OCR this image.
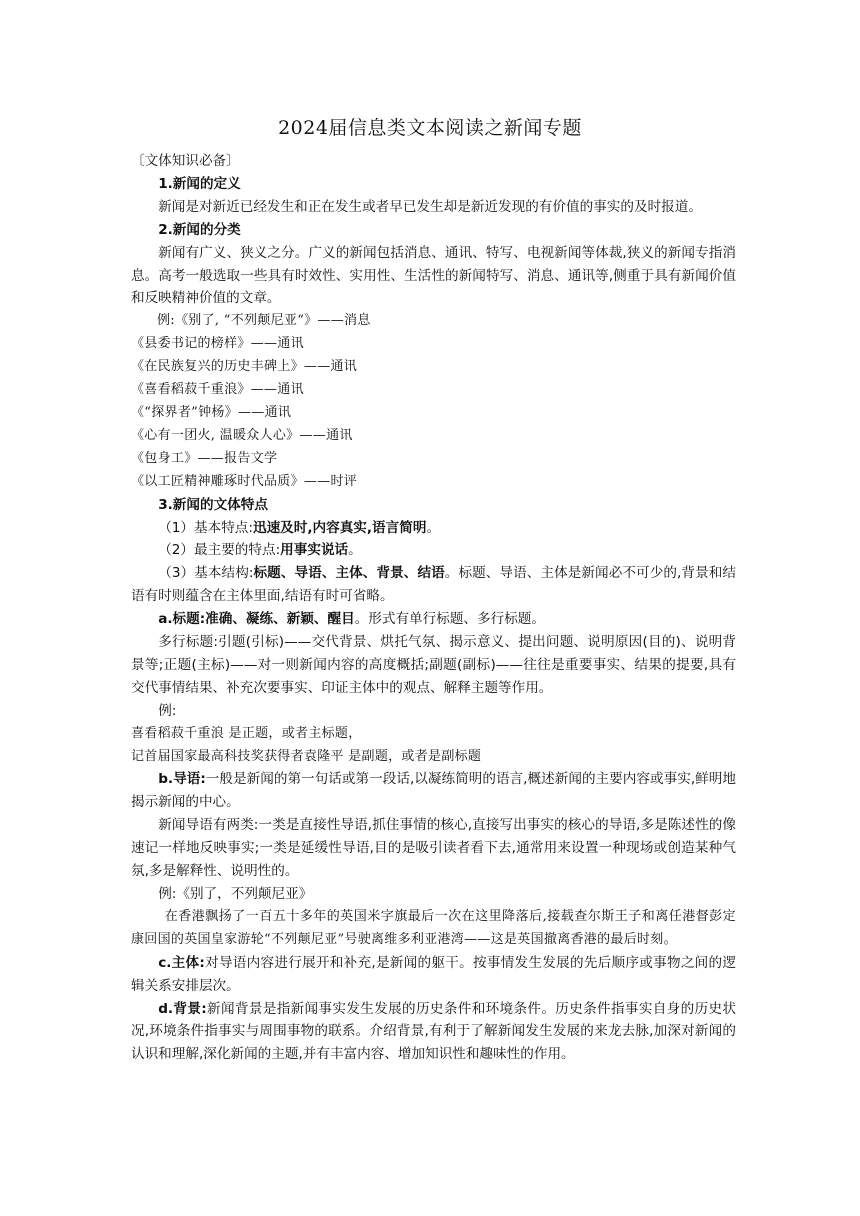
2024届信息类文本阅读之新闻专题

〔文体知识必备〕

1.新闻的定义

新闻是对新近已经发生和正在发生或者早已发生却是新近发现的有价值的事实的及时报道。

2.新闻的分类

新闻有广义、狭义之分。广义的新闻包括消息、通讯、特写、电视新闻等体裁,狭义的新闻专指消息。高考一般选取一些具有时效性、实用性、生活性的新闻特写、消息、通讯等,侧重于具有新闻价值和反映精神价值的文章。

例:《别了, “不列颠尼亚“》——消息

《县委书记的榜样》——通讯

《在民族复兴的历史丰碑上》——通讯

《喜看稻菽千重浪》——通讯

《“探界者”钟杨》——通讯

《心有一团火, 温暖众人心》——通讯

《包身工》——报告文学

《以工匠精神雕琢时代品质》——时评

3.新闻的文体特点

（1）基本特点:迅速及时,内容真实,语言简明。

（2）最主要的特点:用事实说话。

（3）基本结构:标题、导语、主体、背景、结语。标题、导语、主体是新闻必不可少的,背景和结语有时则蕴含在主体里面,结语有时可省略。

a.标题:准确、凝练、新颖、醒目。形式有单行标题、多行标题。

多行标题:引题(引标)——交代背景、烘托气氛、揭示意义、提出问题、说明原因(目的)、说明背景等;正题(主标)——对一则新闻内容的高度概括;副题(副标)——往往是重要事实、结果的提要,具有交代事情结果、补充次要事实、印证主体中的观点、解释主题等作用。

例:

喜看稻菽千重浪 是正题，或者主标题，

记首届国家最高科技奖获得者袁隆平 是副题，或者是副标题

b.导语:一般是新闻的第一句话或第一段话,以凝练简明的语言,概述新闻的主要内容或事实,鲜明地揭示新闻的中心。

新闻导语有两类:一类是直接性导语,抓住事情的核心,直接写出事实的核心的导语,多是陈述性的像速记一样地反映事实;一类是延缓性导语,目的是吸引读者看下去,通常用来设置一种现场或创造某种气氛,多是解释性、说明性的。

例:《别了，不列颠尼亚》

在香港飘扬了一百五十多年的英国米字旗最后一次在这里降落后,接载查尔斯王子和离任港督彭定康回国的英国皇家游轮“不列颠尼亚”号驶离维多利亚港湾——这是英国撤离香港的最后时刻。

c.主体:对导语内容进行展开和补充,是新闻的躯干。按事情发生发展的先后顺序或事物之间的逻辑关系安排层次。

d.背景:新闻背景是指新闻事实发生发展的历史条件和环境条件。历史条件指事实自身的历史状况,环境条件指事实与周围事物的联系。介绍背景,有利于了解新闻发生发展的来龙去脉,加深对新闻的认识和理解,深化新闻的主题,并有丰富内容、增加知识性和趣味性的作用。
